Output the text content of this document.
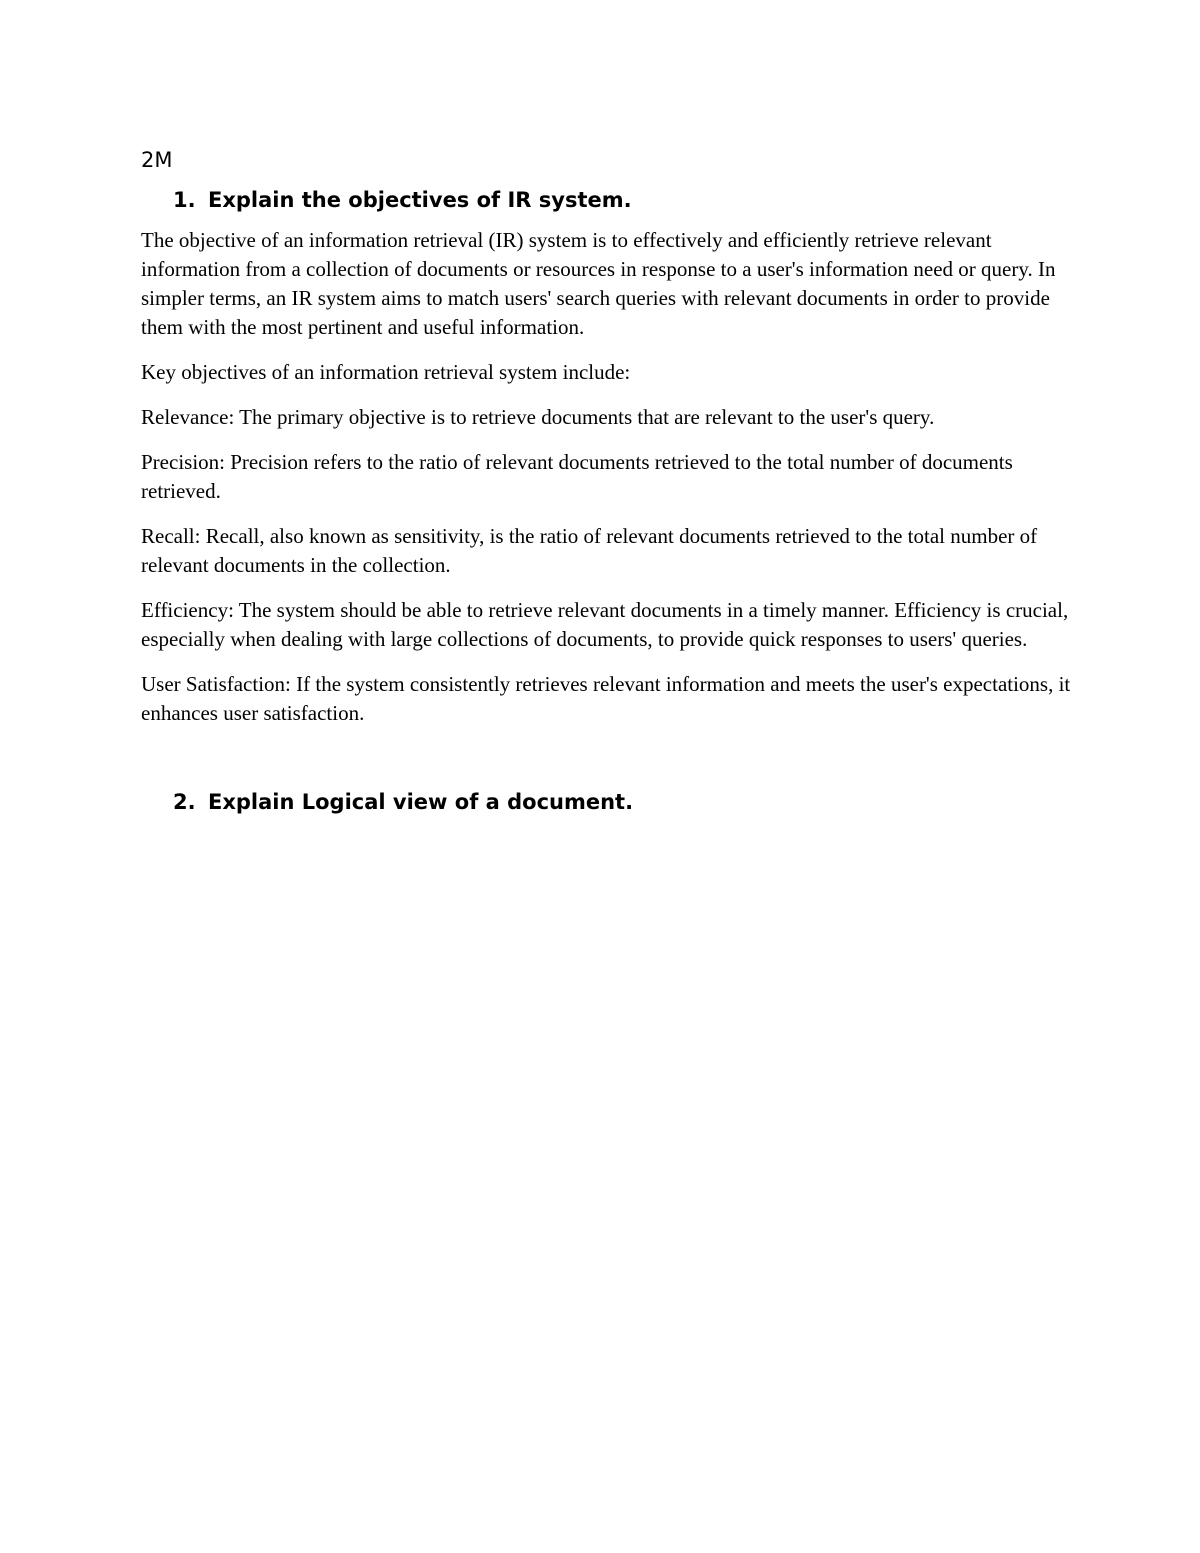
2M
1. Explain the objectives of IR system.

The objective of an information retrieval (IR) system is to effectively and efficiently retrieve relevant information from a collection of documents or resources in response to a user's information need or query. In simpler terms, an IR system aims to match users' search queries with relevant documents in order to provide them with the most pertinent and useful information.

Key objectives of an information retrieval system include:

Relevance: The primary objective is to retrieve documents that are relevant to the user's query.

Precision: Precision refers to the ratio of relevant documents retrieved to the total number of documents retrieved.

Recall: Recall, also known as sensitivity, is the ratio of relevant documents retrieved to the total number of relevant documents in the collection.

Efficiency: The system should be able to retrieve relevant documents in a timely manner. Efficiency is crucial, especially when dealing with large collections of documents, to provide quick responses to users' queries.

User Satisfaction: If the system consistently retrieves relevant information and meets the user's expectations, it enhances user satisfaction.

2. Explain Logical view of a document.
